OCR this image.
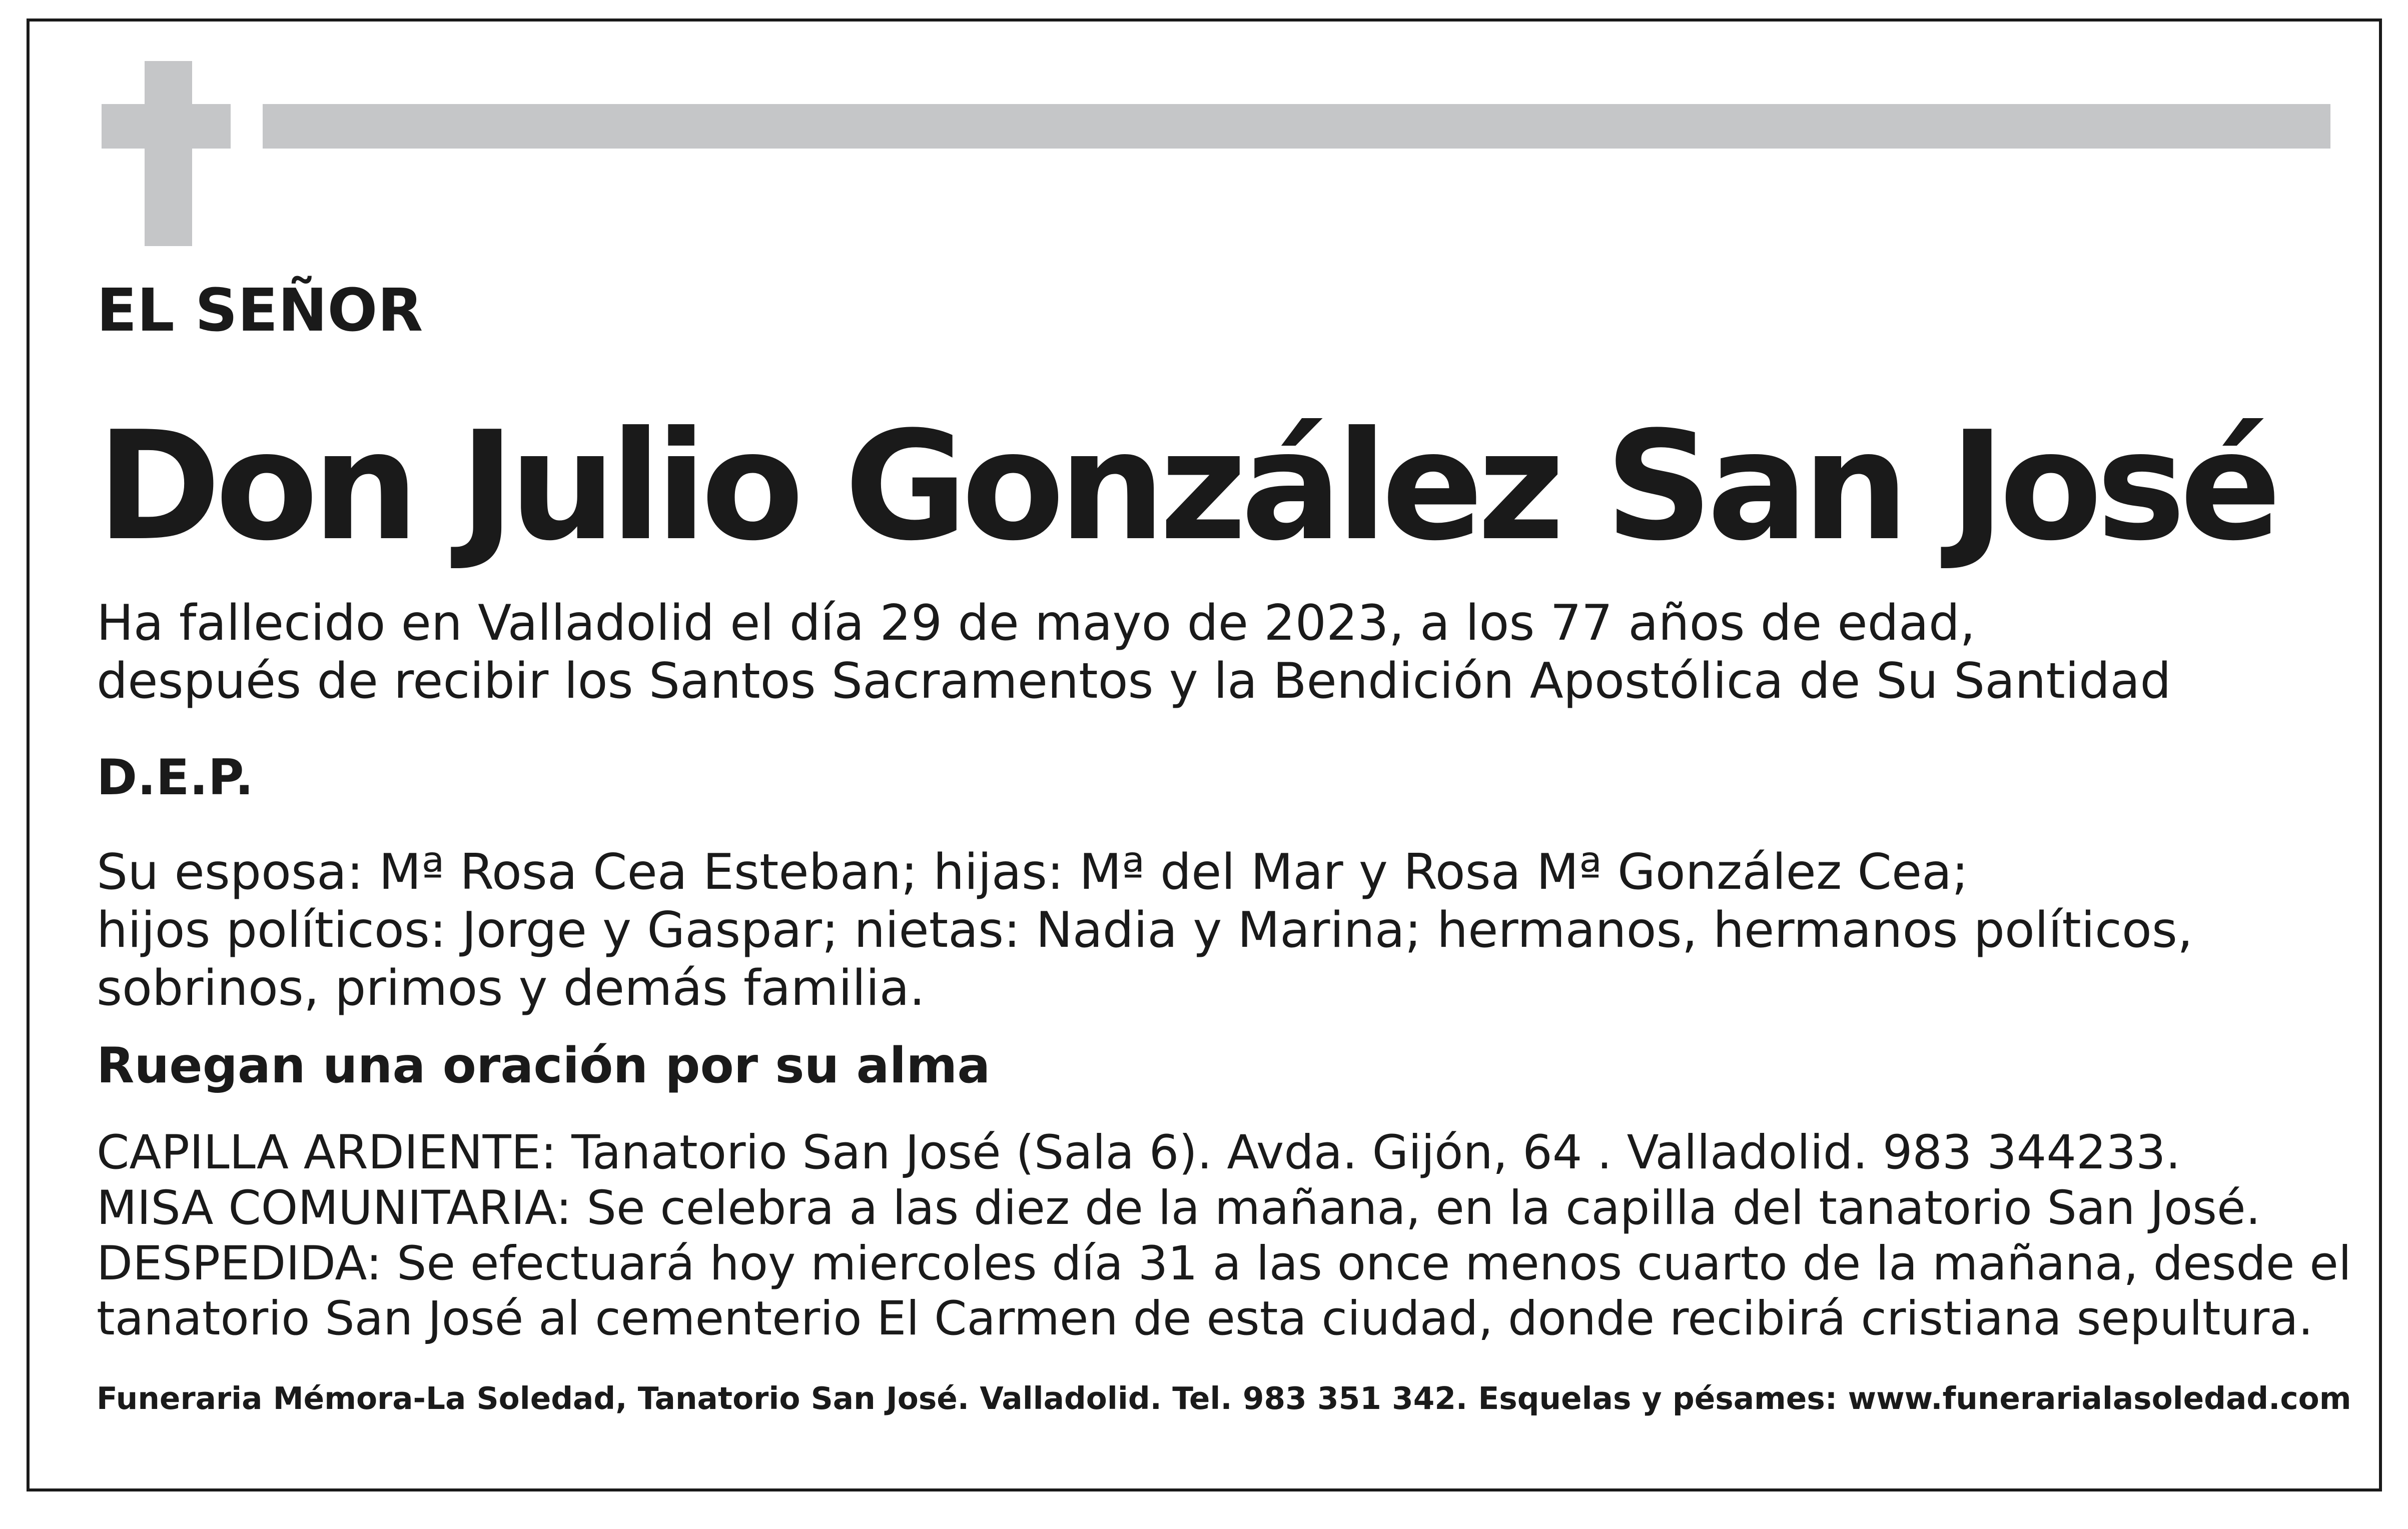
EL SEÑOR
Don Julio González San José

Ha fallecido en Valladolid el día 29 de mayo de 2023, a los 77 años de edad,
después de recibir los Santos Sacramentos y la Bendición Apostólica de Su Santidad

D.E.P.

Su esposa: Mª Rosa Cea Esteban; hijas: Mª del Mar y Rosa Mª González Cea;
hijos políticos: Jorge y Gaspar; nietas: Nadia y Marina; hermanos, hermanos políticos,
sobrinos, primos y demás familia.

Ruegan una oración por su alma

CAPILLA ARDIENTE: Tanatorio San José (Sala 6). Avda. Gijón, 64 . Valladolid. 983 344233.
MISA COMUNITARIA: Se celebra a las diez de la mañana, en la capilla del tanatorio San José.
DESPEDIDA: Se efectuará hoy miercoles día 31 a las once menos cuarto de la mañana, desde el
tanatorio San José al cementerio El Carmen de esta ciudad, donde recibirá cristiana sepultura.

Funeraria Mémora-La Soledad, Tanatorio San José. Valladolid. Tel. 983 351 342. Esquelas y pésames: www.funerarialasoledad.com
